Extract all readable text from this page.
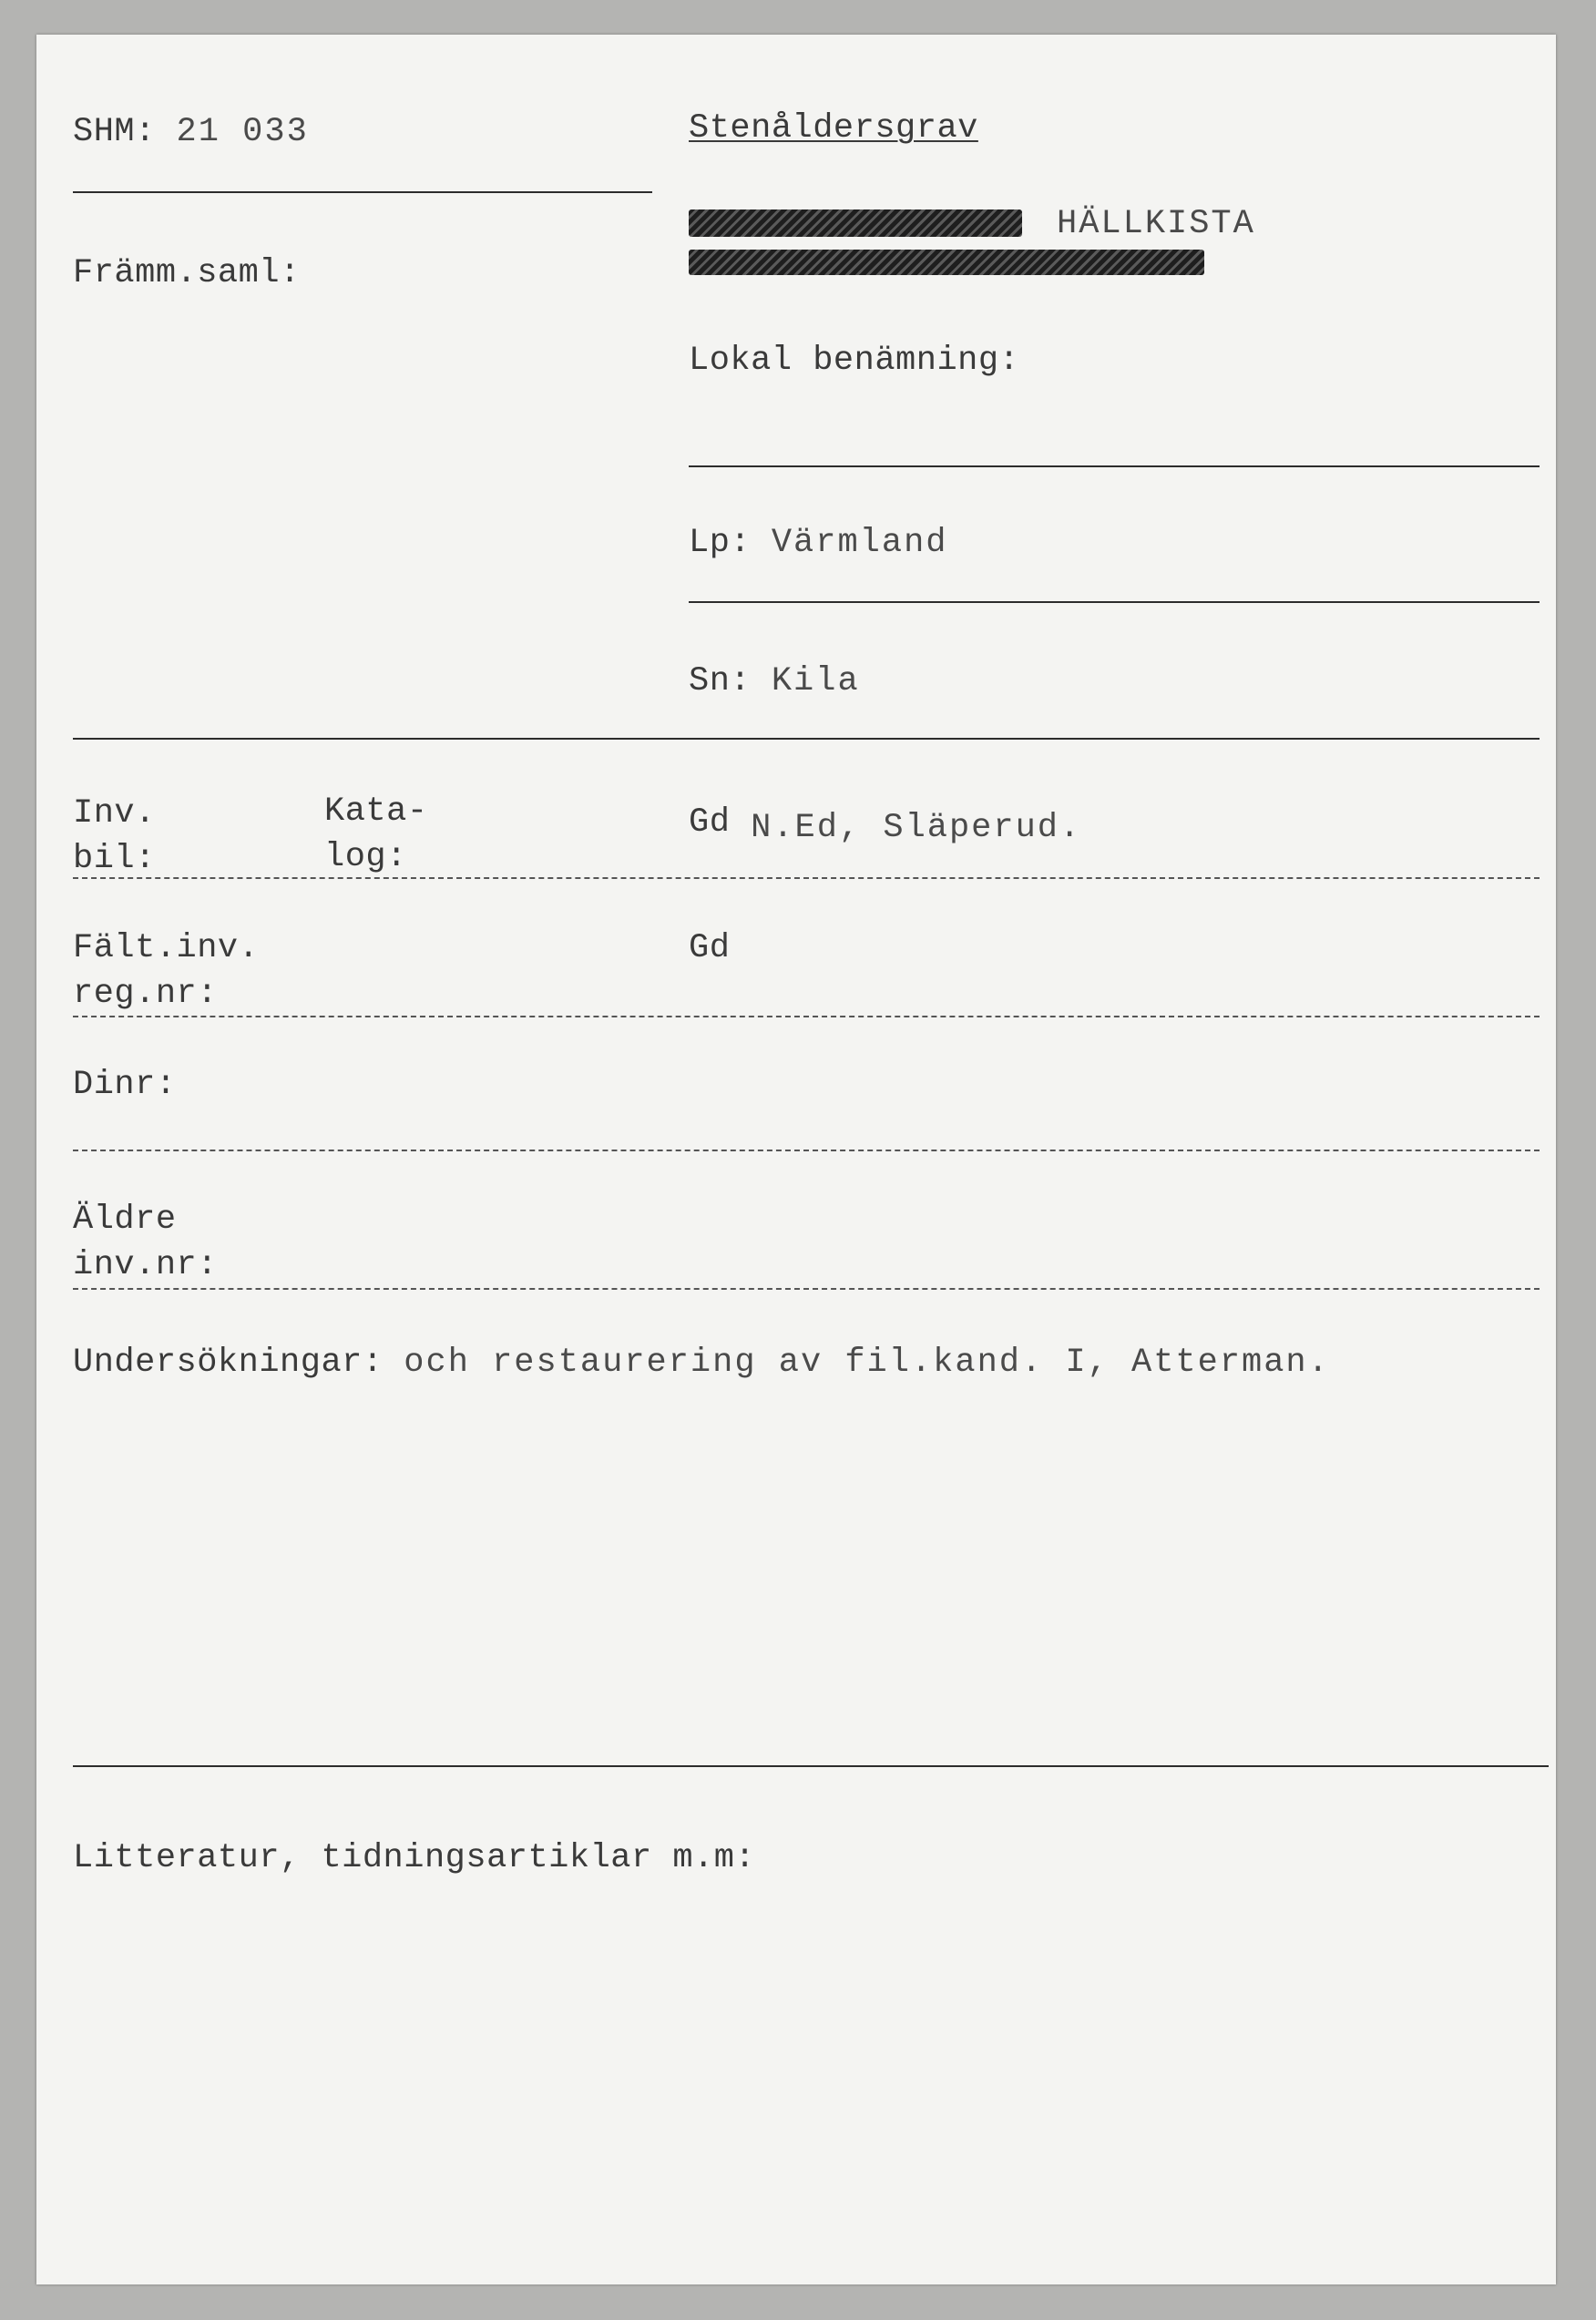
SHM: 21 033	Stenåldersgrav
HÄLLKISTA
Främm.saml:
Lokal benämning:
Lp: Värmland
Sn: Kila
Inv.
bil:
Kata-
log:
Gd N.Ed, Släperud.
Fält.inv.
reg.nr:
Gd
Dinr:
Äldre
inv.nr:
Undersökningar: och restaurering av fil.kand. I, Atterman.
Litteratur, tidningsartiklar m.m:
